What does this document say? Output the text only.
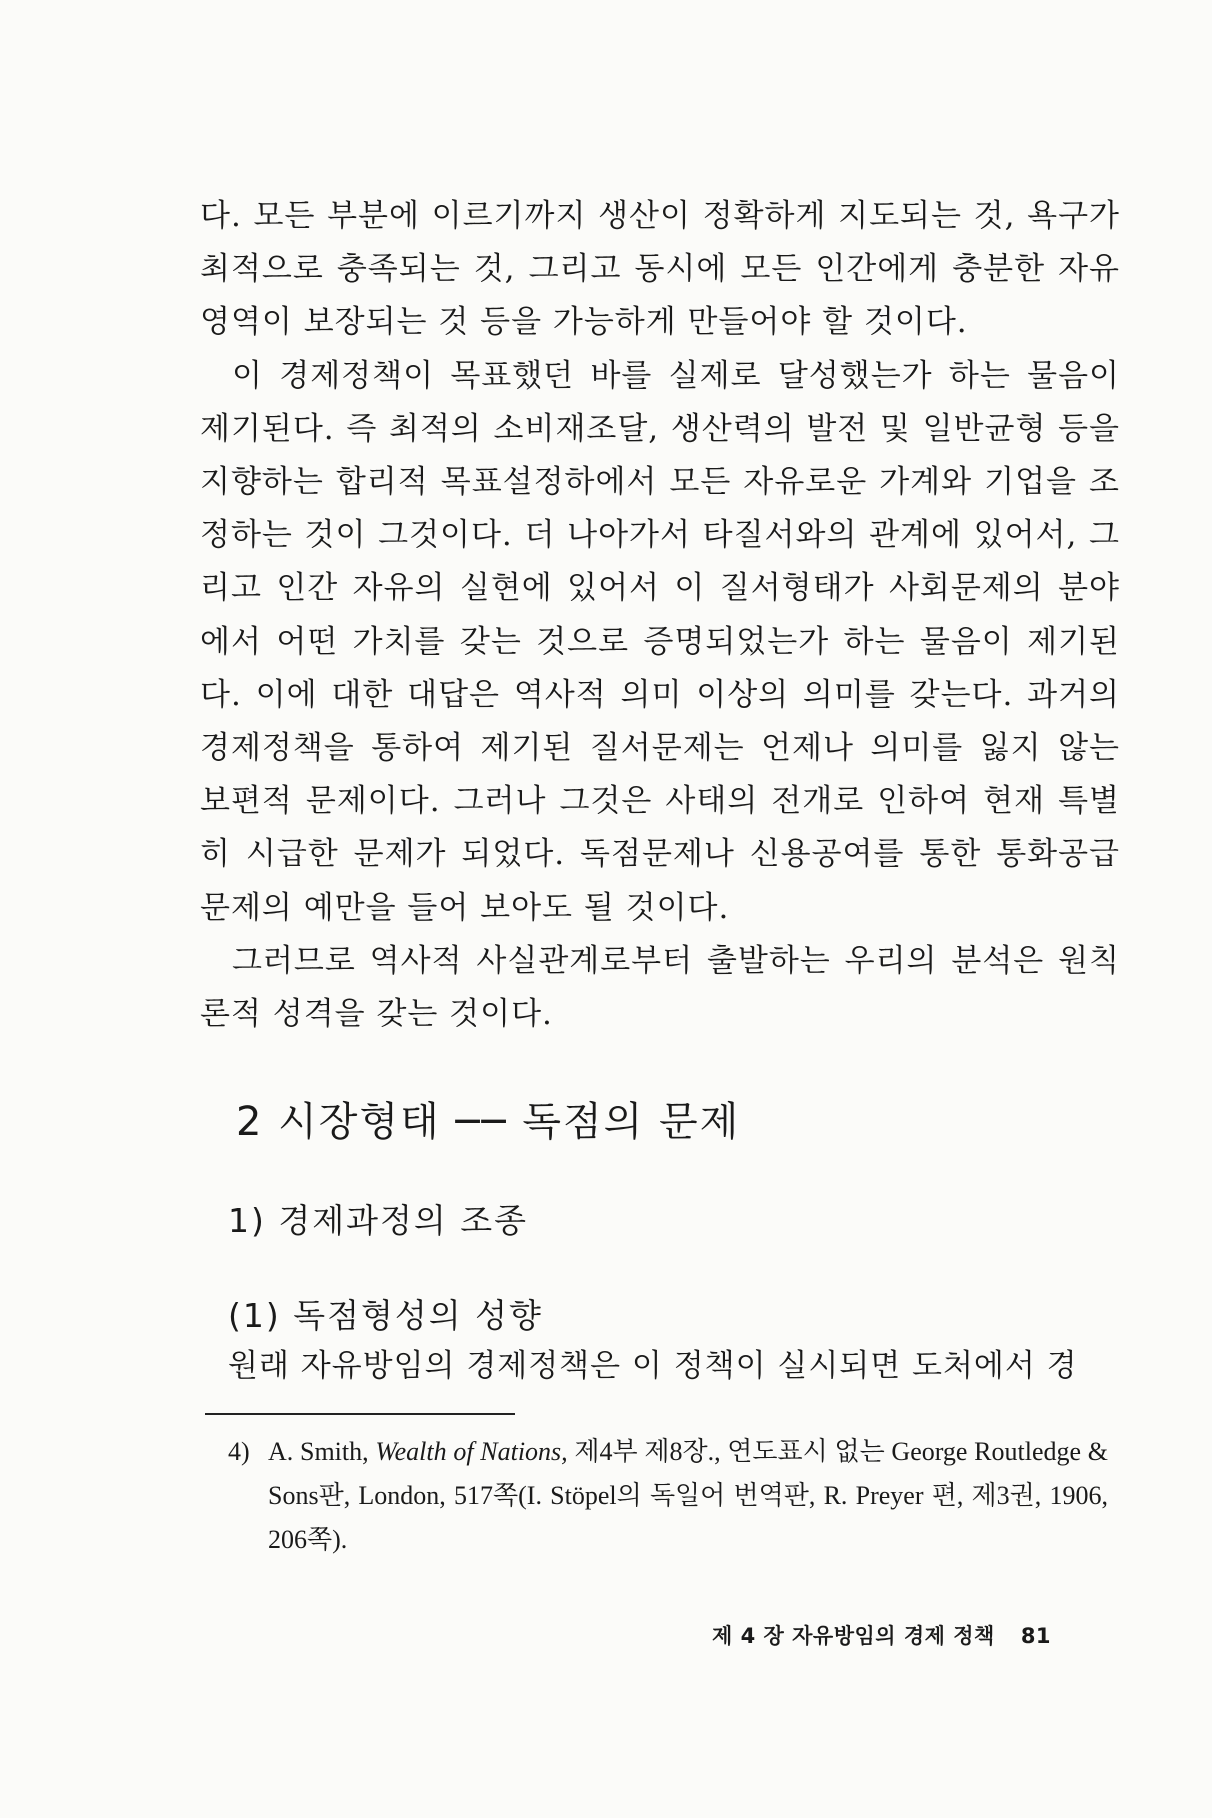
다. 모든 부분에 이르기까지 생산이 정확하게 지도되는 것, 욕구가 최적으로 충족되는 것, 그리고 동시에 모든 인간에게 충분한 자유영역이 보장되는 것 등을 가능하게 만들어야 할 것이다.

이 경제정책이 목표했던 바를 실제로 달성했는가 하는 물음이 제기된다. 즉 최적의 소비재조달, 생산력의 발전 및 일반균형 등을 지향하는 합리적 목표설정하에서 모든 자유로운 가계와 기업을 조정하는 것이 그것이다. 더 나아가서 타질서와의 관계에 있어서, 그리고 인간 자유의 실현에 있어서 이 질서형태가 사회문제의 분야에서 어떤 가치를 갖는 것으로 증명되었는가 하는 물음이 제기된다. 이에 대한 대답은 역사적 의미 이상의 의미를 갖는다. 과거의 경제정책을 통하여 제기된 질서문제는 언제나 의미를 잃지 않는 보편적 문제이다. 그러나 그것은 사태의 전개로 인하여 현재 특별히 시급한 문제가 되었다. 독점문제나 신용공여를 통한 통화공급 문제의 예만을 들어 보아도 될 것이다.

그러므로 역사적 사실관계로부터 출발하는 우리의 분석은 원칙론적 성격을 갖는 것이다.

2 시장형태 ── 독점의 문제
1) 경제과정의 조종
(1) 독점형성의 성향
원래 자유방임의 경제정책은 이 정책이 실시되면 도처에서 경
4) A. Smith, Wealth of Nations, 제4부 제8장., 연도표시 없는 George Routledge & Sons판, London, 517쪽(I. Stöpel의 독일어 번역판, R. Preyer 편, 제3권, 1906, 206쪽).
제 4 장 자유방임의 경제 정책 81
